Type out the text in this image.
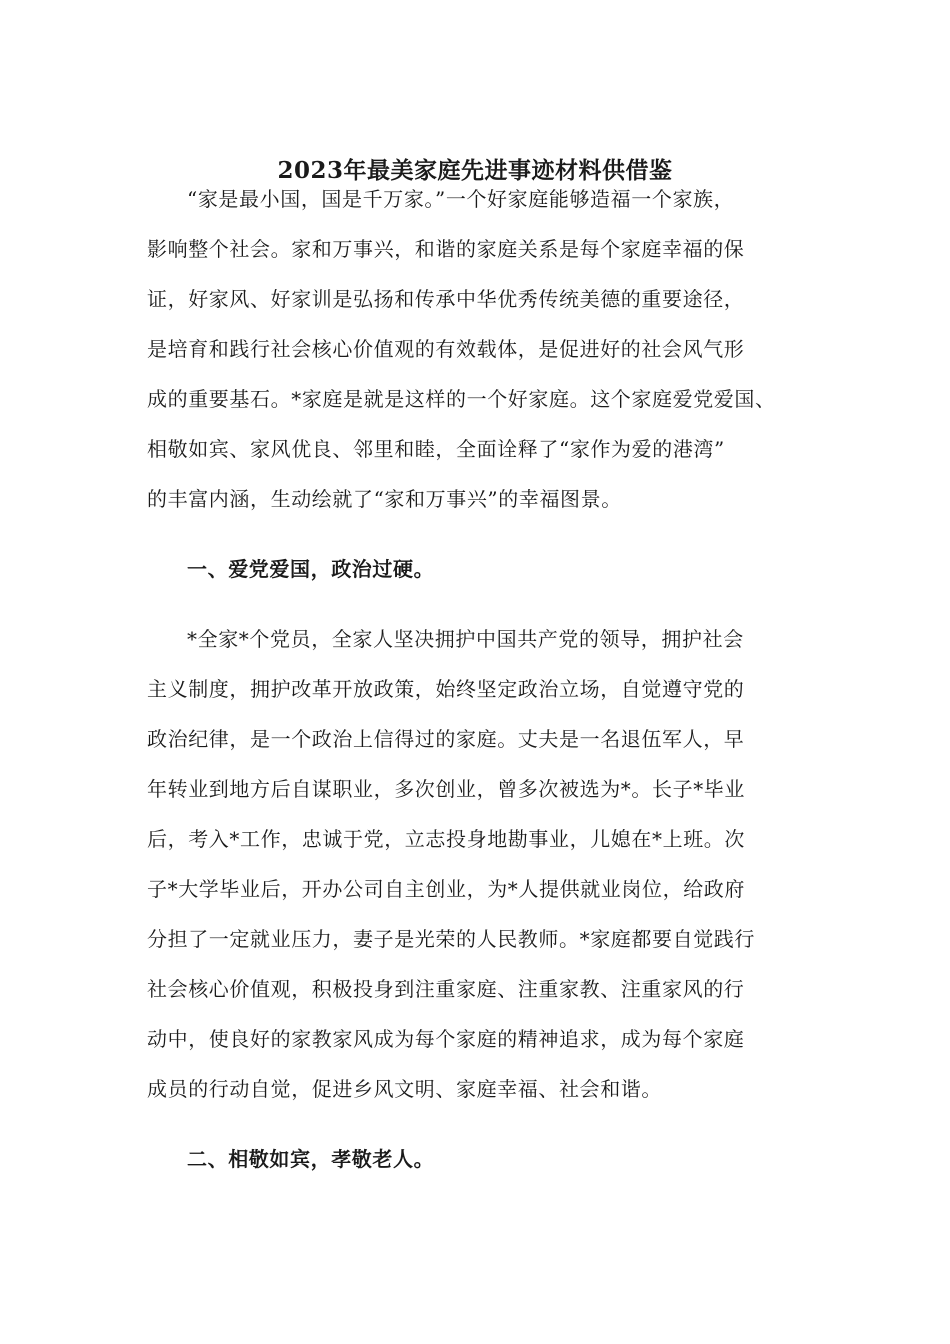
2023年最美家庭先进事迹材料供借鉴
“家是最小国，国是千万家。”一个好家庭能够造福一个家族，
影响整个社会。家和万事兴，和谐的家庭关系是每个家庭幸福的保
证，好家风、好家训是弘扬和传承中华优秀传统美德的重要途径，
是培育和践行社会核心价值观的有效载体，是促进好的社会风气形
成的重要基石。*家庭是就是这样的一个好家庭。这个家庭爱党爱国、
相敬如宾、家风优良、邻里和睦，全面诠释了“家作为爱的港湾”
的丰富内涵，生动绘就了“家和万事兴”的幸福图景。
一、爱党爱国，政治过硬。
*全家*个党员，全家人坚决拥护中国共产党的领导，拥护社会
主义制度，拥护改革开放政策，始终坚定政治立场，自觉遵守党的
政治纪律，是一个政治上信得过的家庭。丈夫是一名退伍军人，早
年转业到地方后自谋职业，多次创业，曾多次被选为*。长子*毕业
后，考入*工作，忠诚于党，立志投身地勘事业，儿媳在*上班。次
子*大学毕业后，开办公司自主创业，为*人提供就业岗位，给政府
分担了一定就业压力，妻子是光荣的人民教师。*家庭都要自觉践行
社会核心价值观，积极投身到注重家庭、注重家教、注重家风的行
动中，使良好的家教家风成为每个家庭的精神追求，成为每个家庭
成员的行动自觉，促进乡风文明、家庭幸福、社会和谐。
二、相敬如宾，孝敬老人。
